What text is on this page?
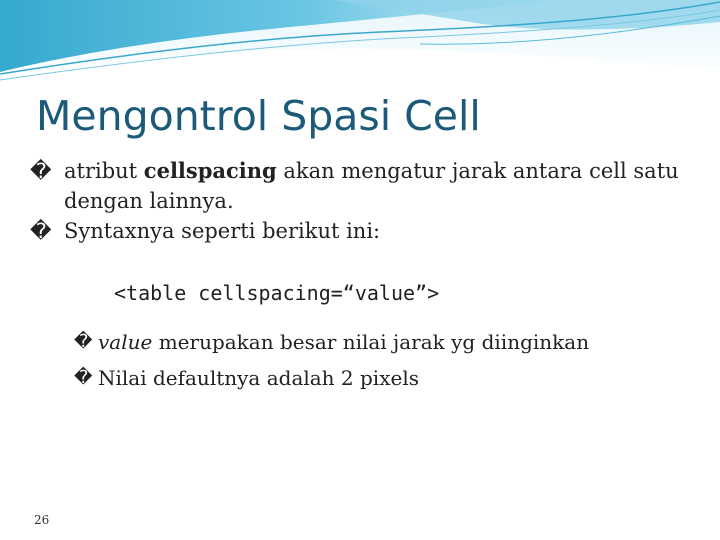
Mengontrol Spasi Cell
� atribut cellspacing akan mengatur jarak antara cell satu dengan lainnya.
� Syntaxnya seperti berikut ini:
<table cellspacing=“value”>
� value merupakan besar nilai jarak yg diinginkan
� Nilai defaultnya adalah 2 pixels
26
